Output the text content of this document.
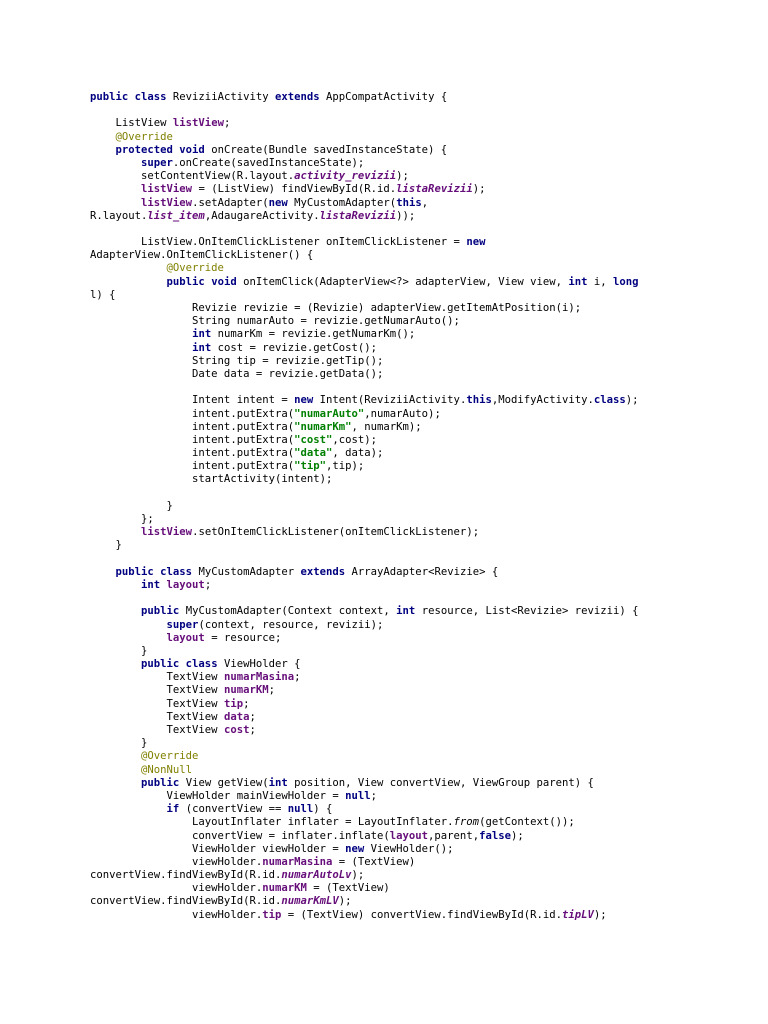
public class ReviziiActivity extends AppCompatActivity {
ListView listView;
@Override
protected void onCreate(Bundle savedInstanceState) {
super.onCreate(savedInstanceState);
setContentView(R.layout.activity_revizii);
listView = (ListView) findViewById(R.id.listaRevizii);
listView.setAdapter(new MyCustomAdapter(this,
R.layout.list_item,AdaugareActivity.listaRevizii));
ListView.OnItemClickListener onItemClickListener = new
AdapterView.OnItemClickListener() {
@Override
public void onItemClick(AdapterView<?> adapterView, View view, int i, long
l) {
Revizie revizie = (Revizie) adapterView.getItemAtPosition(i);
String numarAuto = revizie.getNumarAuto();
int numarKm = revizie.getNumarKm();
int cost = revizie.getCost();
String tip = revizie.getTip();
Date data = revizie.getData();
Intent intent = new Intent(ReviziiActivity.this,ModifyActivity.class);
intent.putExtra("numarAuto",numarAuto);
intent.putExtra("numarKm", numarKm);
intent.putExtra("cost",cost);
intent.putExtra("data", data);
intent.putExtra("tip",tip);
startActivity(intent);
}
};
listView.setOnItemClickListener(onItemClickListener);
}
public class MyCustomAdapter extends ArrayAdapter<Revizie> {
int layout;
public MyCustomAdapter(Context context, int resource, List<Revizie> revizii) {
super(context, resource, revizii);
layout = resource;
}
public class ViewHolder {
TextView numarMasina;
TextView numarKM;
TextView tip;
TextView data;
TextView cost;
}
@Override
@NonNull
public View getView(int position, View convertView, ViewGroup parent) {
ViewHolder mainViewHolder = null;
if (convertView == null) {
LayoutInflater inflater = LayoutInflater.from(getContext());
convertView = inflater.inflate(layout,parent,false);
ViewHolder viewHolder = new ViewHolder();
viewHolder.numarMasina = (TextView)
convertView.findViewById(R.id.numarAutoLv);
viewHolder.numarKM = (TextView)
convertView.findViewById(R.id.numarKmLV);
viewHolder.tip = (TextView) convertView.findViewById(R.id.tipLV);
